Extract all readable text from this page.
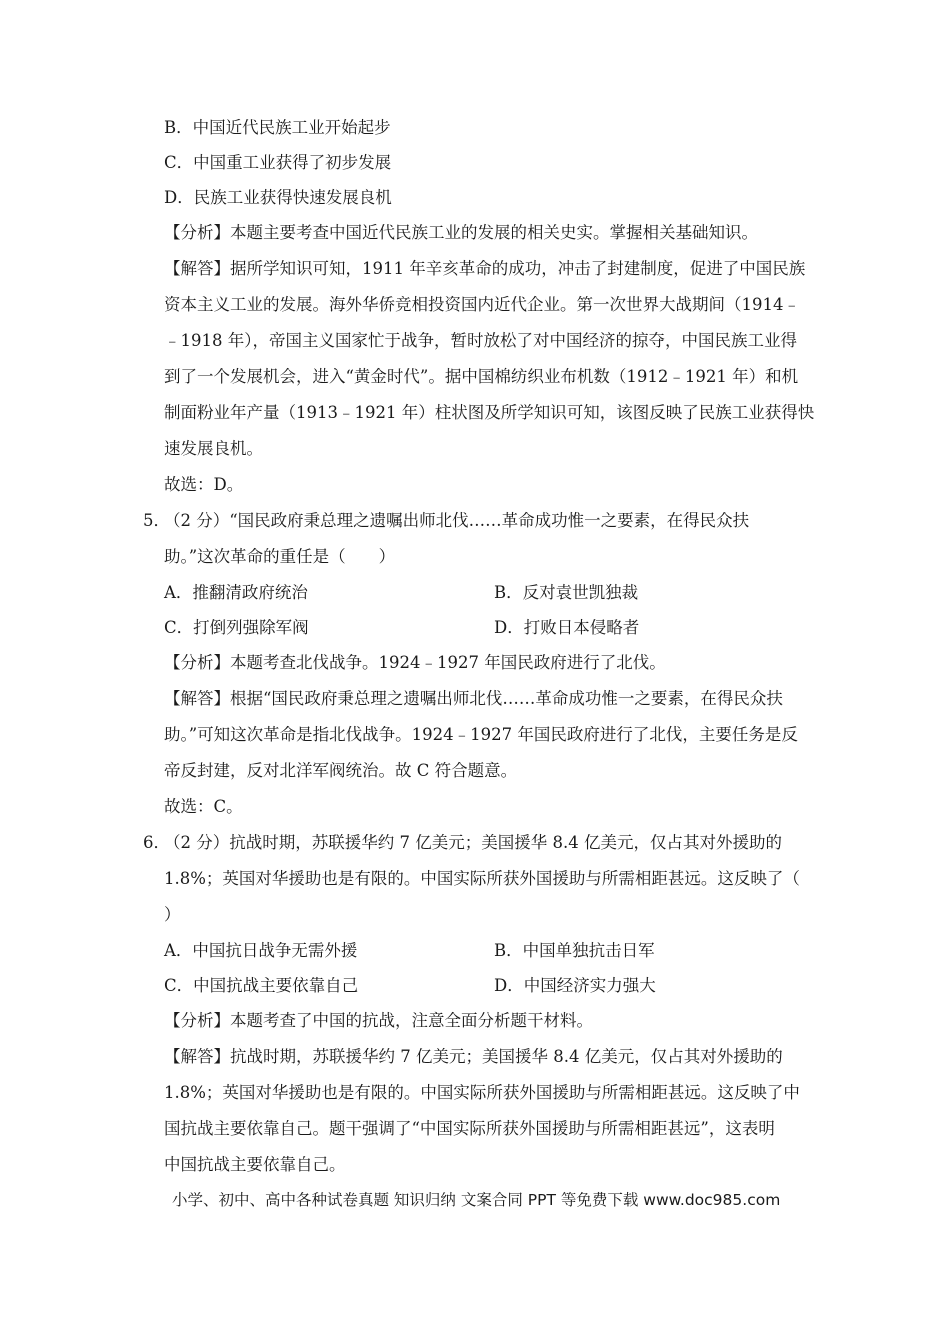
B．中国近代民族工业开始起步
C．中国重工业获得了初步发展
D．民族工业获得快速发展良机
【分析】本题主要考查中国近代民族工业的发展的相关史实。掌握相关基础知识。
【解答】据所学知识可知，1911 年辛亥革命的成功，冲击了封建制度，促进了中国民族
资本主义工业的发展。海外华侨竞相投资国内近代企业。第一次世界大战期间（1914﹣
﹣1918 年），帝国主义国家忙于战争，暂时放松了对中国经济的掠夺，中国民族工业得
到了一个发展机会，进入“黄金时代”。据中国棉纺织业布机数（1912﹣1921 年）和机
制面粉业年产量（1913﹣1921 年）柱状图及所学知识可知，该图反映了民族工业获得快
速发展良机。
故选：D。
5．
（2 分）“国民政府秉总理之遗嘱出师北伐……革命成功惟一之要素，在得民众扶
助。”这次革命的重任是（　　）
A．推翻清政府统治	B．反对袁世凯独裁
C．打倒列强除军阀	D．打败日本侵略者
【分析】本题考查北伐战争。1924﹣1927 年国民政府进行了北伐。
【解答】根据“国民政府秉总理之遗嘱出师北伐……革命成功惟一之要素，在得民众扶
助。”可知这次革命是指北伐战争。1924﹣1927 年国民政府进行了北伐，主要任务是反
帝反封建，反对北洋军阀统治。故 C 符合题意。
故选：C。
6．
（2 分）抗战时期，苏联援华约 7 亿美元；美国援华 8.4 亿美元，仅占其对外援助的
1.8%；英国对华援助也是有限的。中国实际所获外国援助与所需相距甚远。这反映了（
）
A．中国抗日战争无需外援	B．中国单独抗击日军
C．中国抗战主要依靠自己	D．中国经济实力强大
【分析】本题考查了中国的抗战，注意全面分析题干材料。
【解答】抗战时期，苏联援华约 7 亿美元；美国援华 8.4 亿美元，仅占其对外援助的
1.8%；英国对华援助也是有限的。中国实际所获外国援助与所需相距甚远。这反映了中
国抗战主要依靠自己。题干强调了“中国实际所获外国援助与所需相距甚远”，这表明
中国抗战主要依靠自己。
小学、初中、高中各种试卷真题 知识归纳 文案合同 PPT 等免费下载 www.doc985.com
